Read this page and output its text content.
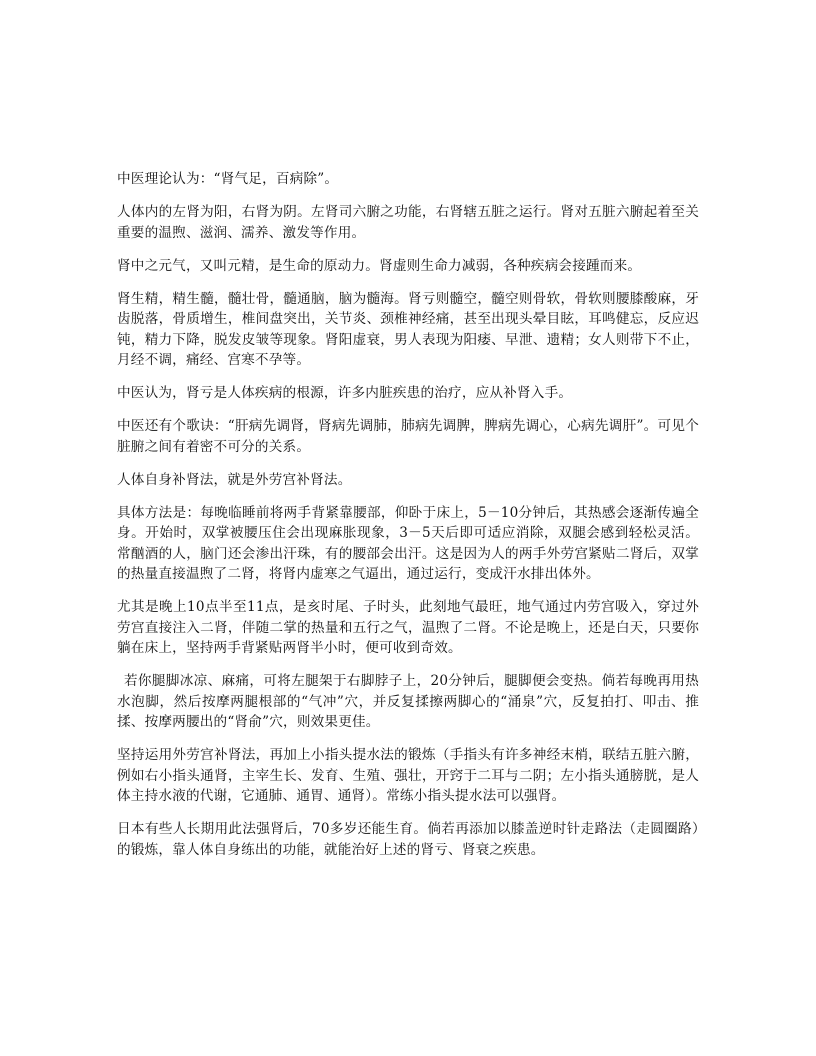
中医理论认为：“肾气足，百病除”。

人体内的左肾为阳，右肾为阴。左肾司六腑之功能，右肾辖五脏之运行。肾对五脏六腑起着至关重要的温煦、滋润、濡养、激发等作用。

肾中之元气，又叫元精，是生命的原动力。肾虚则生命力减弱，各种疾病会接踵而来。

肾生精，精生髓，髓壮骨，髓通脑，脑为髓海。肾亏则髓空，髓空则骨软，骨软则腰膝酸麻，牙齿脱落，骨质增生，椎间盘突出，关节炎、颈椎神经痛，甚至出现头晕目眩，耳鸣健忘，反应迟钝，精力下降，脱发皮皱等现象。肾阳虚衰，男人表现为阳痿、早泄、遗精；女人则带下不止，月经不调，痛经、宫寒不孕等。

中医认为，肾亏是人体疾病的根源，许多内脏疾患的治疗，应从补肾入手。

中医还有个歌诀：“肝病先调肾，肾病先调肺，肺病先调脾，脾病先调心，心病先调肝”。可见个脏腑之间有着密不可分的关系。

人体自身补肾法，就是外劳宫补肾法。

具体方法是：每晚临睡前将两手背紧靠腰部，仰卧于床上，5－10分钟后，其热感会逐渐传遍全身。开始时，双掌被腰压住会出现麻胀现象，3－5天后即可适应消除，双腿会感到轻松灵活。常酗酒的人，脑门还会渗出汗珠，有的腰部会出汗。这是因为人的两手外劳宫紧贴二肾后，双掌的热量直接温煦了二肾，将肾内虚寒之气逼出，通过运行，变成汗水排出体外。

尤其是晚上10点半至11点，是亥时尾、子时头，此刻地气最旺，地气通过内劳宫吸入，穿过外劳宫直接注入二肾，伴随二掌的热量和五行之气，温煦了二肾。不论是晚上，还是白天，只要你躺在床上，坚持两手背紧贴两肾半小时，便可收到奇效。

若你腿脚冰凉、麻痛，可将左腿架于右脚脖子上，20分钟后，腿脚便会变热。倘若每晚再用热水泡脚，然后按摩两腿根部的“气冲”穴，并反复揉擦两脚心的“涌泉”穴，反复拍打、叩击、推揉、按摩两腰出的“肾俞”穴，则效果更佳。

坚持运用外劳宫补肾法，再加上小指头提水法的锻炼（手指头有许多神经末梢，联结五脏六腑，例如右小指头通肾，主宰生长、发育、生殖、强壮，开窍于二耳与二阴；左小指头通膀胱，是人体主持水液的代谢，它通肺、通胃、通肾）。常练小指头提水法可以强肾。

日本有些人长期用此法强肾后，70多岁还能生育。倘若再添加以膝盖逆时针走路法（走圆圈路）的锻炼，靠人体自身练出的功能，就能治好上述的肾亏、肾衰之疾患。
